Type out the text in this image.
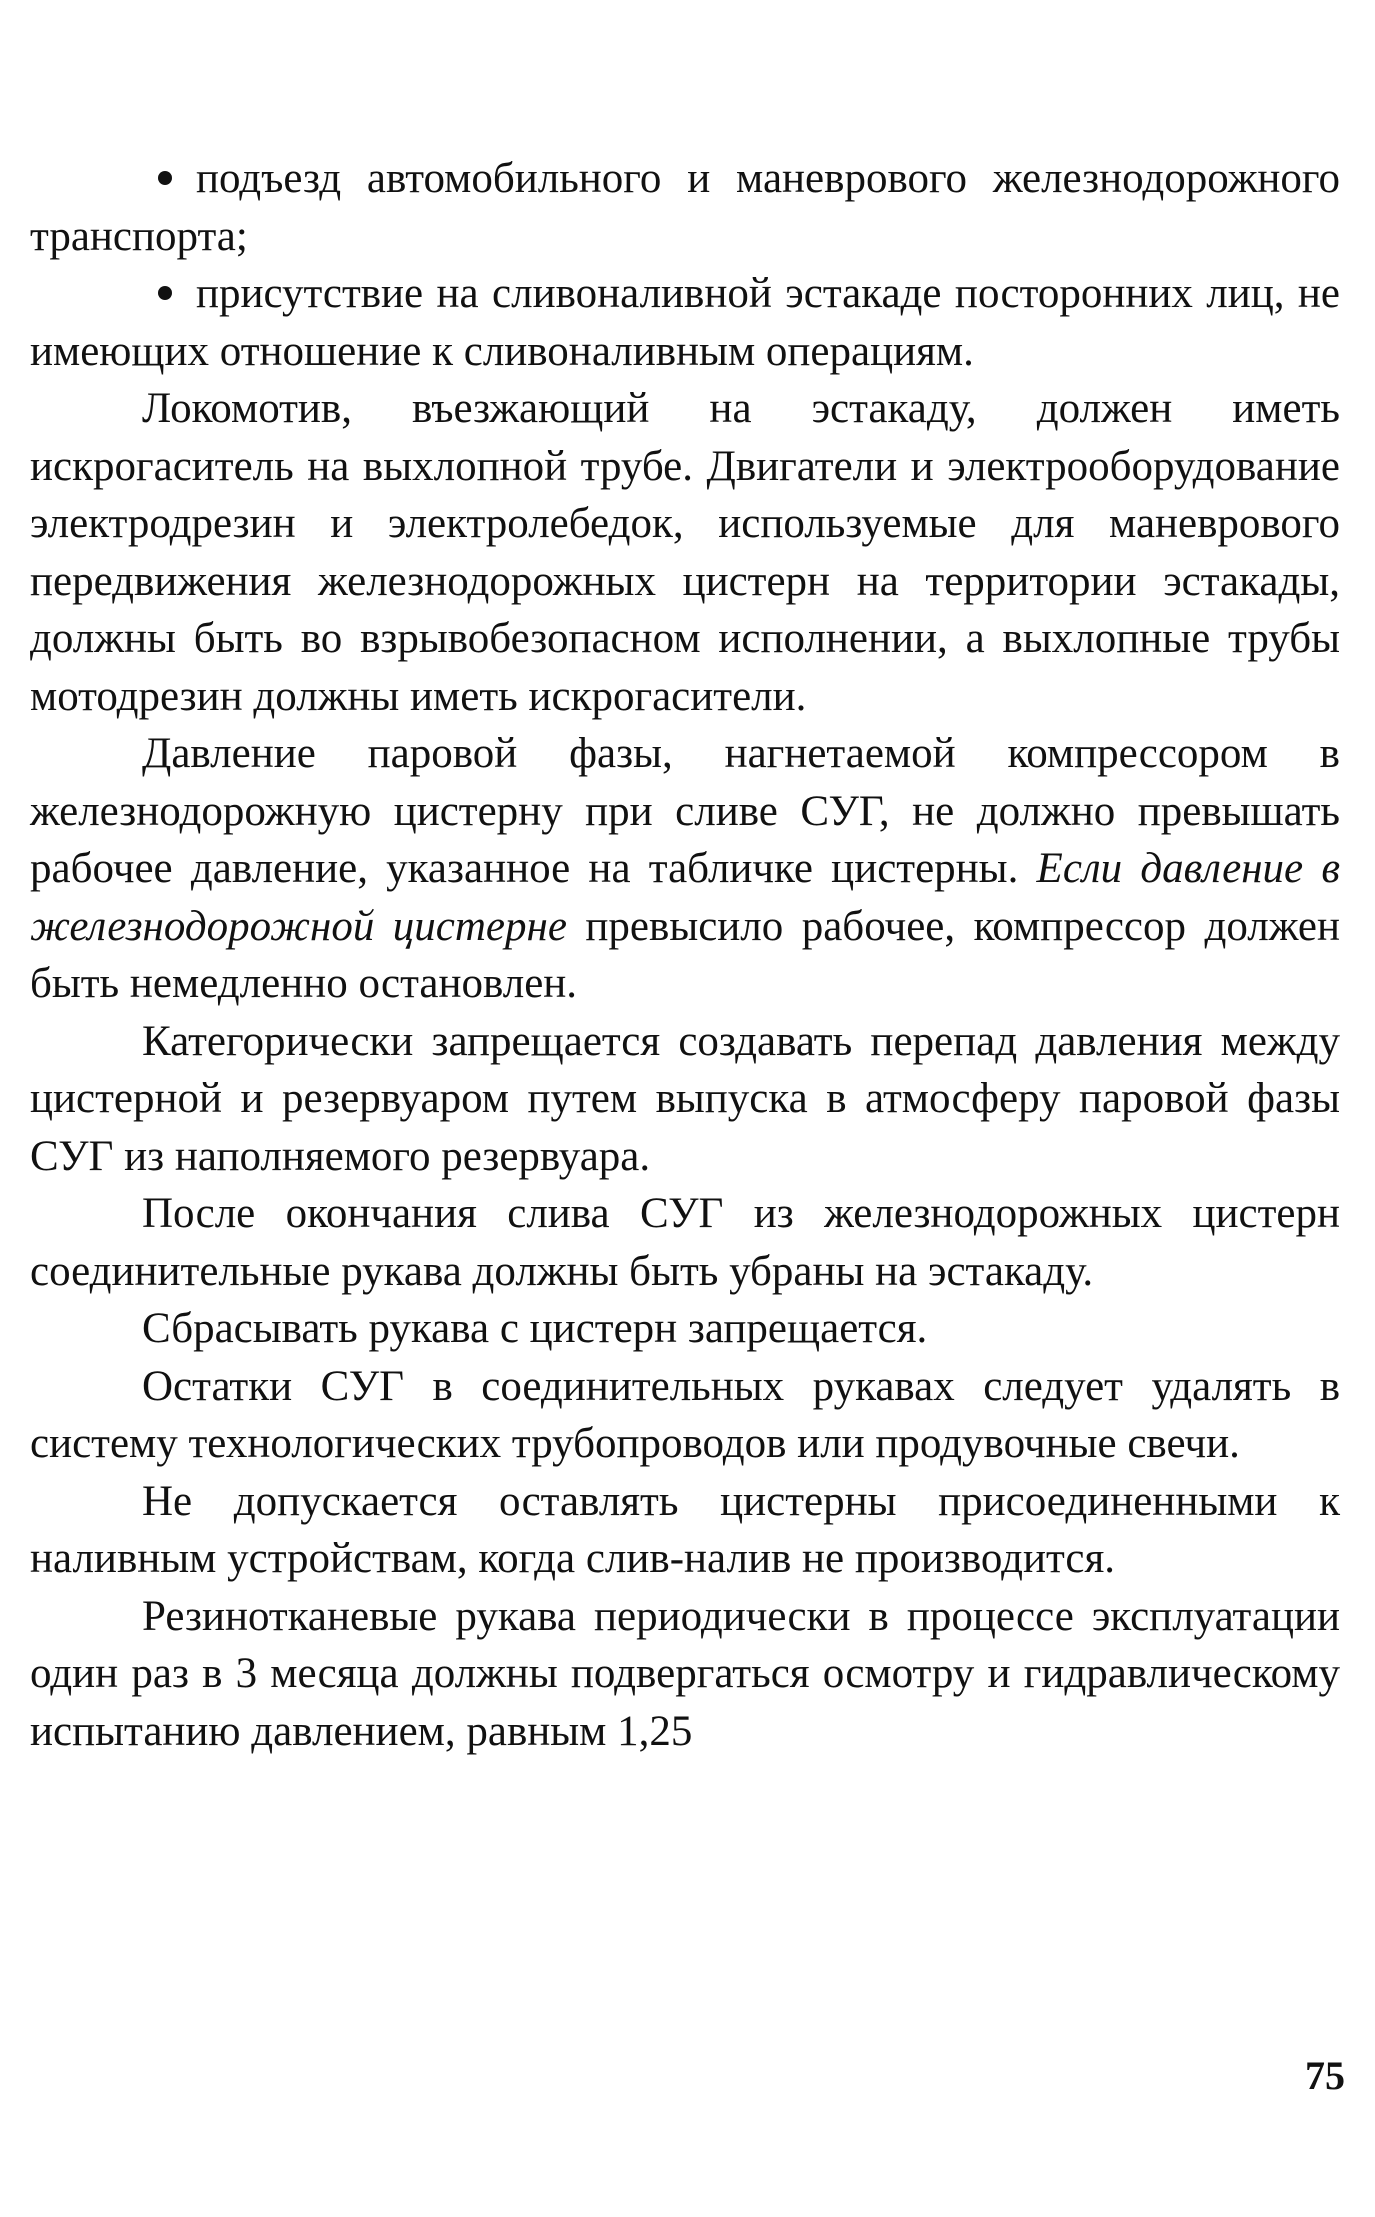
подъезд автомобильного и маневрового железнодорожного транспорта;

присутствие на сливоналивной эстакаде посторонних лиц, не имеющих отношение к сливоналивным операциям.

Локомотив, въезжающий на эстакаду, должен иметь искрогаситель на выхлопной трубе. Двигатели и электрооборудование электродрезин и электролебедок, используемые для маневрового передвижения железнодорожных цистерн на территории эстакады, должны быть во взрывобезопасном исполнении, а выхлопные трубы мотодрезин должны иметь искрогасители.

Давление паровой фазы, нагнетаемой компрессором в железнодорожную цистерну при сливе СУГ, не должно превышать рабочее давление, указанное на табличке цистерны. Если давление в железнодорожной цистерне превысило рабочее, компрессор должен быть немедленно остановлен.

Категорически запрещается создавать перепад давления между цистерной и резервуаром путем выпуска в атмосферу паровой фазы СУГ из наполняемого резервуара.

После окончания слива СУГ из железнодорожных цистерн соединительные рукава должны быть убраны на эстакаду.

Сбрасывать рукава с цистерн запрещается.

Остатки СУГ в соединительных рукавах следует удалять в систему технологических трубопроводов или продувочные свечи.

Не допускается оставлять цистерны присоединенными к наливным устройствам, когда слив-налив не производится.

Резинотканевые рукава периодически в процессе эксплуатации один раз в 3 месяца должны подвергаться осмотру и гидравлическому испытанию давлением, равным 1,25

75
